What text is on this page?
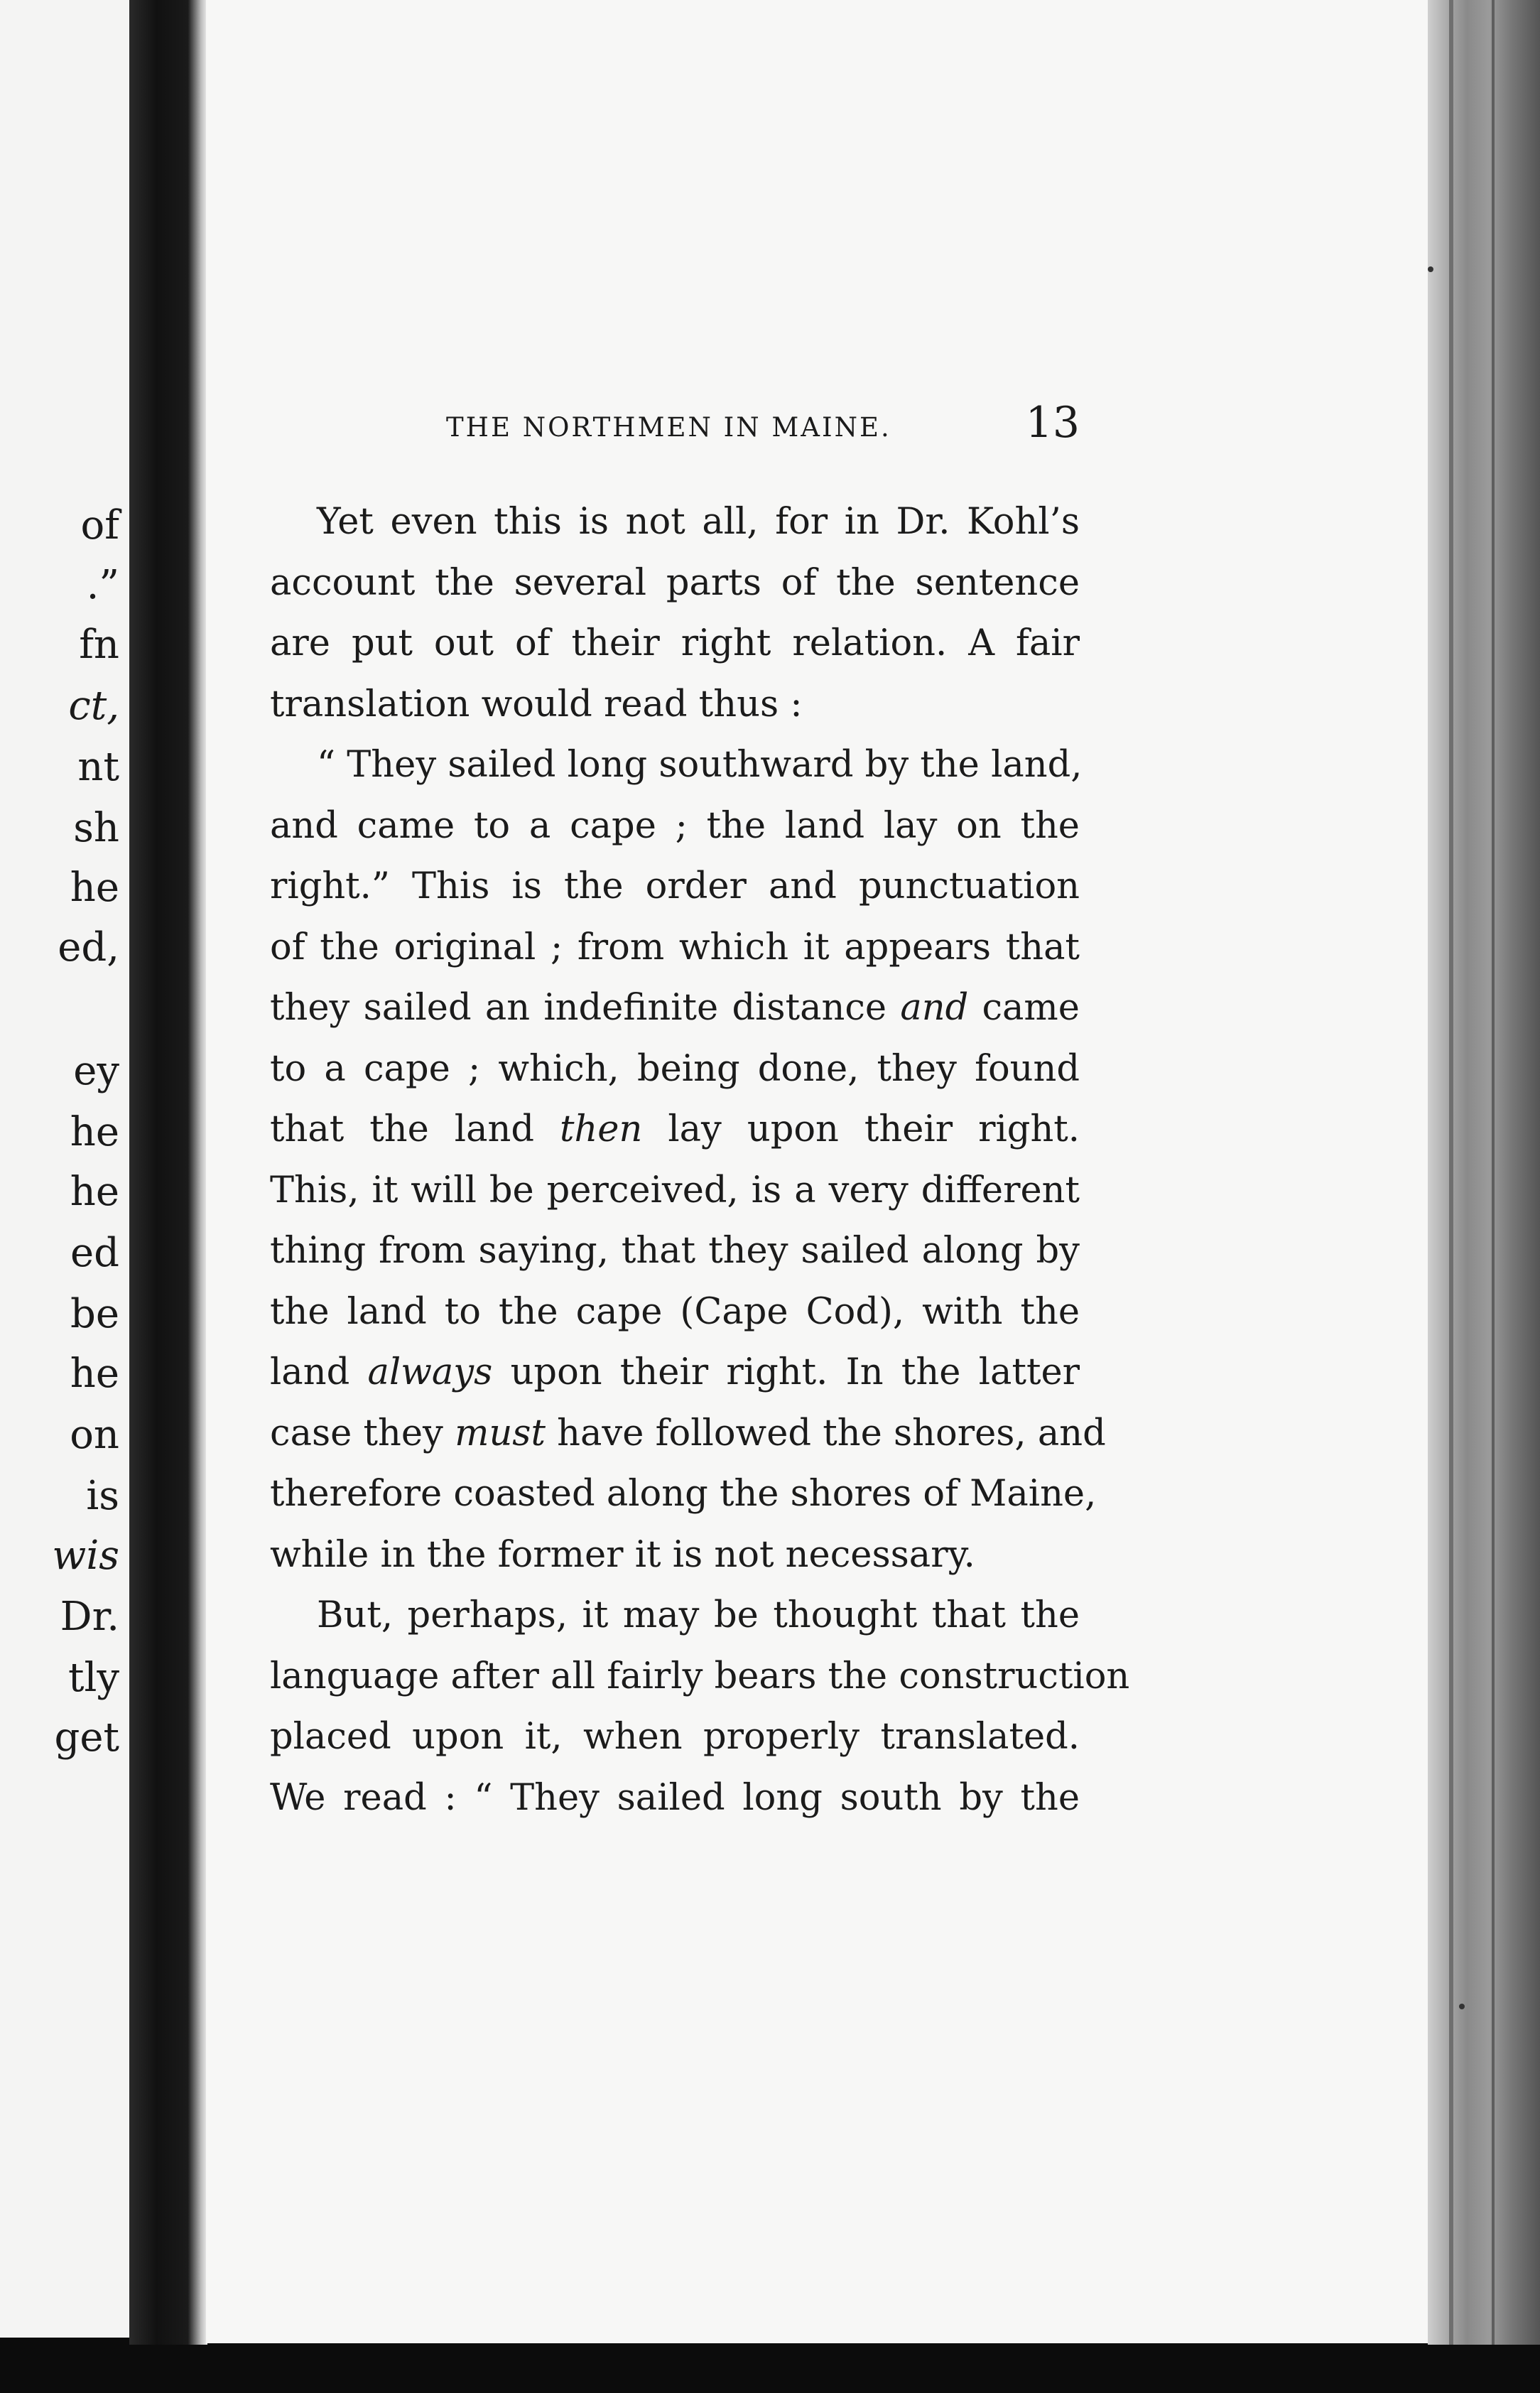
of
.”
fn
ct,
nt
sh
he
ed,
ey
he
he
ed
be
he
on
is
wis
Dr.
tly
get
THE NORTHMEN IN MAINE.	13
Yet even this is not all, for in Dr. Kohl’s
account the several parts of the sentence
are put out of their right relation. A fair
translation would read thus :
“ They sailed long southward by the land,
and came to a cape ; the land lay on the
right.” This is the order and punctuation
of the original ; from which it appears that
they sailed an indefinite distance and came
to a cape ; which, being done, they found
that the land then lay upon their right.
This, it will be perceived, is a very different
thing from saying, that they sailed along by
the land to the cape (Cape Cod), with the
land always upon their right. In the latter
case they must have followed the shores, and
therefore coasted along the shores of Maine,
while in the former it is not necessary.
But, perhaps, it may be thought that the
language after all fairly bears the construction
placed upon it, when properly translated.
We read : “ They sailed long south by the
